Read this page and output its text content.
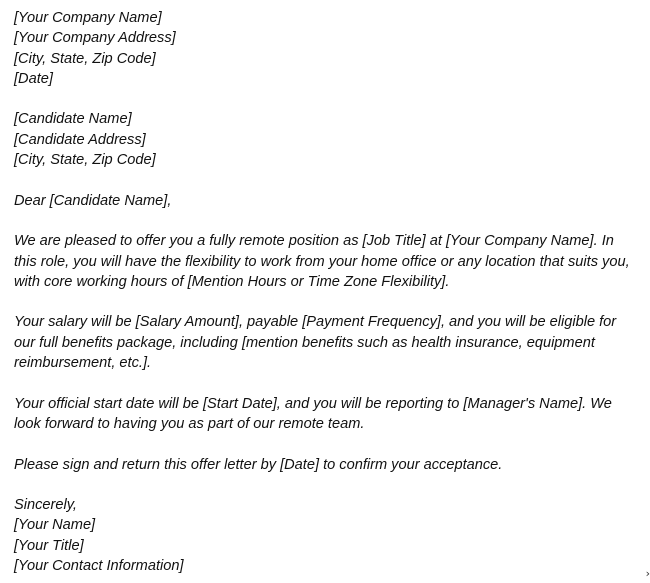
[Your Company Name]
[Your Company Address]
[City, State, Zip Code]
[Date]
[Candidate Name]
[Candidate Address]
[City, State, Zip Code]
Dear [Candidate Name],

We are pleased to offer you a fully remote position as [Job Title] at [Your Company Name]. In this role, you will have the flexibility to work from your home office or any location that suits you, with core working hours of [Mention Hours or Time Zone Flexibility].

Your salary will be [Salary Amount], payable [Payment Frequency], and you will be eligible for our full benefits package, including [mention benefits such as health insurance, equipment reimbursement, etc.].

Your official start date will be [Start Date], and you will be reporting to [Manager's Name]. We look forward to having you as part of our remote team.

Please sign and return this offer letter by [Date] to confirm your acceptance.

Sincerely,
[Your Name]
[Your Title]
[Your Contact Information]	›
